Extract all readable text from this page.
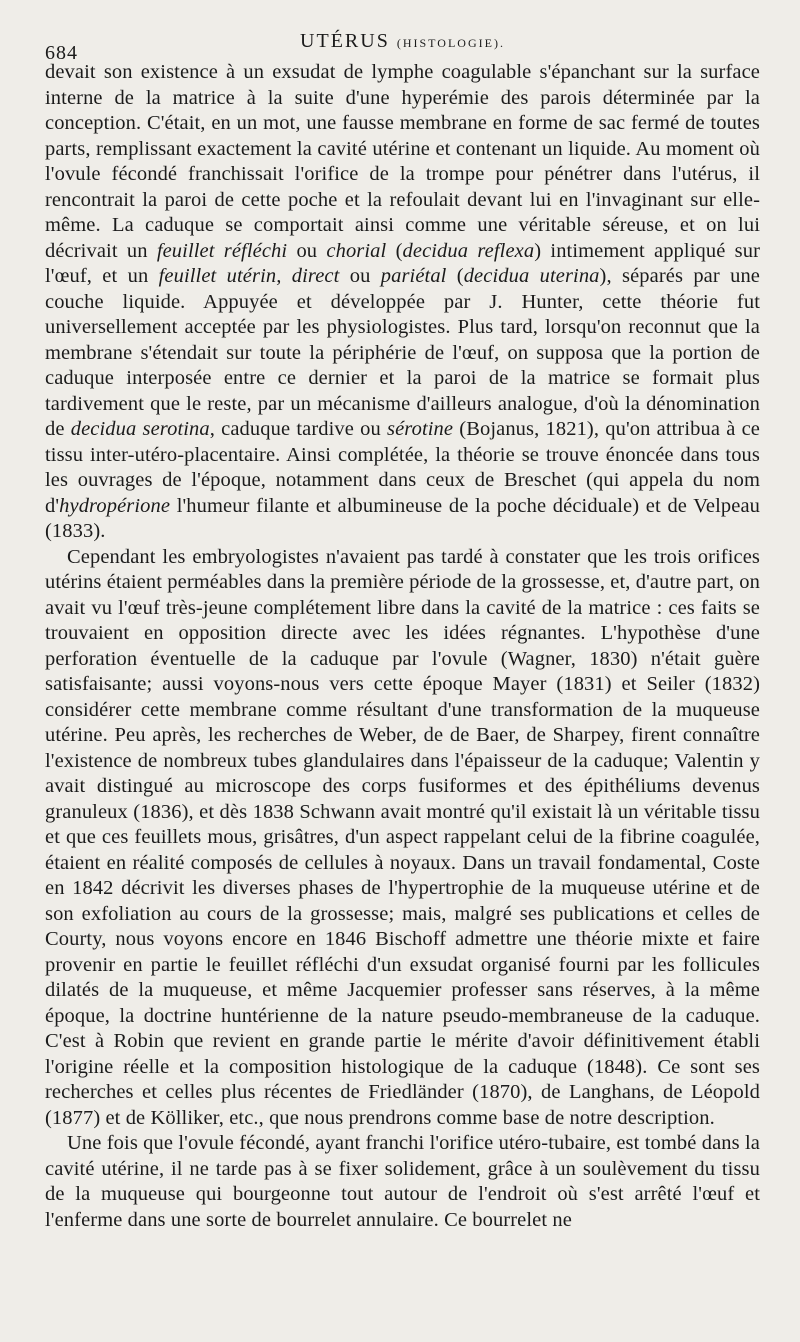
684
UTÉRUS (HISTOLOGIE).

devait son existence à un exsudat de lymphe coagulable s'épanchant sur la surface interne de la matrice à la suite d'une hyperémie des parois déterminée par la conception. C'était, en un mot, une fausse membrane en forme de sac fermé de toutes parts, remplissant exactement la cavité utérine et contenant un liquide. Au moment où l'ovule fécondé franchissait l'orifice de la trompe pour pénétrer dans l'utérus, il rencontrait la paroi de cette poche et la refoulait devant lui en l'invaginant sur elle-même. La caduque se comportait ainsi comme une véritable séreuse, et on lui décrivait un feuillet réfléchi ou chorial (decidua reflexa) intimement appliqué sur l'œuf, et un feuillet utérin, direct ou pariétal (decidua uterina), séparés par une couche liquide. Appuyée et développée par J. Hunter, cette théorie fut universellement acceptée par les physiologistes. Plus tard, lorsqu'on reconnut que la membrane s'étendait sur toute la périphérie de l'œuf, on supposa que la portion de caduque interposée entre ce dernier et la paroi de la matrice se formait plus tardivement que le reste, par un mécanisme d'ailleurs analogue, d'où la dénomination de decidua serotina, caduque tardive ou sérotine (Bojanus, 1821), qu'on attribua à ce tissu inter-utéro-placentaire. Ainsi complétée, la théorie se trouve énoncée dans tous les ouvrages de l'époque, notamment dans ceux de Breschet (qui appela du nom d'hydropérione l'humeur filante et albumineuse de la poche déciduale) et de Velpeau (1833).

Cependant les embryologistes n'avaient pas tardé à constater que les trois orifices utérins étaient perméables dans la première période de la grossesse, et, d'autre part, on avait vu l'œuf très-jeune complétement libre dans la cavité de la matrice : ces faits se trouvaient en opposition directe avec les idées régnantes. L'hypothèse d'une perforation éventuelle de la caduque par l'ovule (Wagner, 1830) n'était guère satisfaisante; aussi voyons-nous vers cette époque Mayer (1831) et Seiler (1832) considérer cette membrane comme résultant d'une transformation de la muqueuse utérine. Peu après, les recherches de Weber, de de Baer, de Sharpey, firent connaître l'existence de nombreux tubes glandulaires dans l'épaisseur de la caduque; Valentin y avait distingué au microscope des corps fusiformes et des épithéliums devenus granuleux (1836), et dès 1838 Schwann avait montré qu'il existait là un véritable tissu et que ces feuillets mous, grisâtres, d'un aspect rappelant celui de la fibrine coagulée, étaient en réalité composés de cellules à noyaux. Dans un travail fondamental, Coste en 1842 décrivit les diverses phases de l'hypertrophie de la muqueuse utérine et de son exfoliation au cours de la grossesse; mais, malgré ses publications et celles de Courty, nous voyons encore en 1846 Bischoff admettre une théorie mixte et faire provenir en partie le feuillet réfléchi d'un exsudat organisé fourni par les follicules dilatés de la muqueuse, et même Jacquemier professer sans réserves, à la même époque, la doctrine huntérienne de la nature pseudo-membraneuse de la caduque. C'est à Robin que revient en grande partie le mérite d'avoir définitivement établi l'origine réelle et la composition histologique de la caduque (1848). Ce sont ses recherches et celles plus récentes de Friedländer (1870), de Langhans, de Léopold (1877) et de Kölliker, etc., que nous prendrons comme base de notre description.

Une fois que l'ovule fécondé, ayant franchi l'orifice utéro-tubaire, est tombé dans la cavité utérine, il ne tarde pas à se fixer solidement, grâce à un soulèvement du tissu de la muqueuse qui bourgeonne tout autour de l'endroit où s'est arrêté l'œuf et l'enferme dans une sorte de bourrelet annulaire. Ce bourrelet ne
